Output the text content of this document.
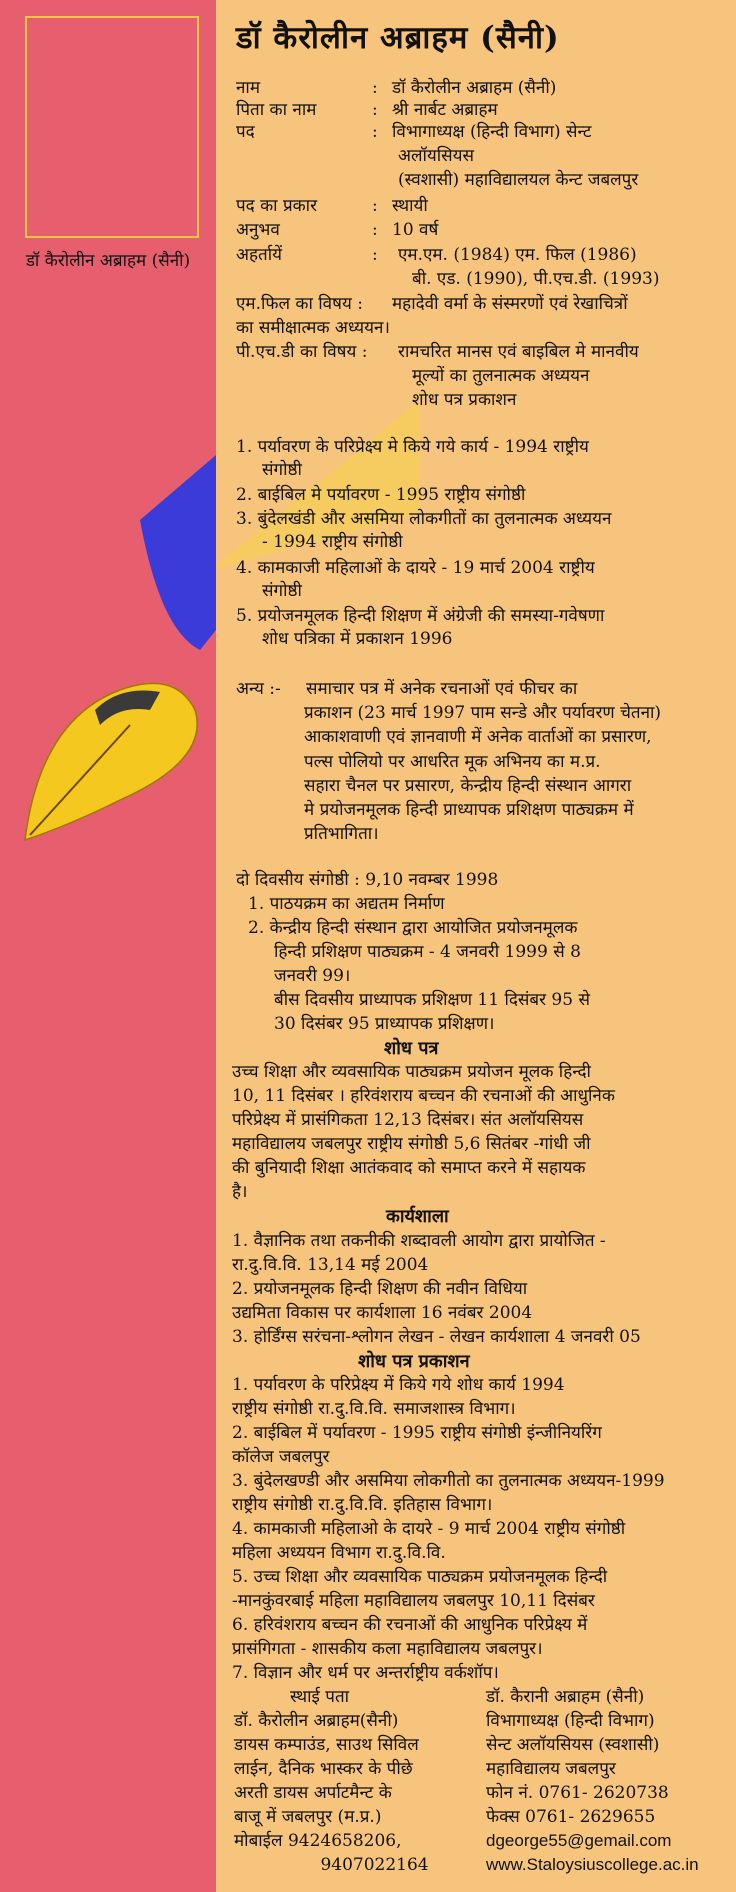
डॉ कैरोलीन अब्राहम (सैनी)
डॉ कैरोलीन अब्राहम (सैनी)
नाम	: डॉ कैरोलीन अब्राहम (सैनी)
पिता का नाम	: श्री नार्बट अब्राहम
पद	: विभागाध्यक्ष (हिन्दी विभाग) सेन्ट
अलॉयसियस
(स्वशासी) महाविद्यालयल केन्ट जबलपुर
पद का प्रकार	: स्थायी
अनुभव	: 10 वर्ष
अहर्तायें	: एम.एम. (1984) एम. फिल (1986)
बी. एड. (1990), पी.एच.डी. (1993)
एम.फिल का विषय : महादेवी वर्मा के संस्मरणों एवं रेखाचित्रों
का समीक्षात्मक अध्ययन।
पी.एच.डी का विषय : रामचरित मानस एवं बाइबिल मे मानवीय
मूल्यों का तुलनात्मक अध्ययन
शोध पत्र प्रकाशन
1. पर्यावरण के परिप्रेक्ष्य मे किये गये कार्य - 1994 राष्ट्रीय
संगोष्ठी
2. बाईबिल मे पर्यावरण - 1995 राष्ट्रीय संगोष्ठी
3. बुंदेलखंडी और असमिया लोकगीतों का तुलनात्मक अध्ययन
- 1994 राष्ट्रीय संगोष्ठी
4. कामकाजी महिलाओं के दायरे - 19 मार्च 2004 राष्ट्रीय
संगोष्ठी
5. प्रयोजनमूलक हिन्दी शिक्षण में अंग्रेजी की समस्या-गवेषणा
शोध पत्रिका में प्रकाशन 1996
अन्य :- समाचार पत्र में अनेक रचनाओं एवं फीचर का
प्रकाशन (23 मार्च 1997 पाम सन्डे और पर्यावरण चेतना)
आकाशवाणी एवं ज्ञानवाणी में अनेक वार्ताओं का प्रसारण,
पल्स पोलियो पर आधरित मूक अभिनय का म.प्र.
सहारा चैनल पर प्रसारण, केन्द्रीय हिन्दी संस्थान आगरा
मे प्रयोजनमूलक हिन्दी प्राध्यापक प्रशिक्षण पाठ्यक्रम में
प्रतिभागिता।
दो दिवसीय संगोष्ठी : 9,10 नवम्बर 1998
1. पाठयक्रम का अद्यतम निर्माण
2. केन्द्रीय हिन्दी संस्थान द्वारा आयोजित प्रयोजनमूलक
हिन्दी प्रशिक्षण पाठ्यक्रम - 4 जनवरी 1999 से 8
जनवरी 99।
बीस दिवसीय प्राध्यापक प्रशिक्षण 11 दिसंबर 95 से
30 दिसंबर 95 प्राध्यापक प्रशिक्षण।
शोध पत्र
उच्च शिक्षा और व्यवसायिक पाठ्यक्रम प्रयोजन मूलक हिन्दी
10, 11 दिसंबर । हरिवंशराय बच्चन की रचनाओं की आधुनिक
परिप्रेक्ष्य में प्रासंगिकता 12,13 दिसंबर। संत अलॉयसियस
महाविद्यालय जबलपुर राष्ट्रीय संगोष्ठी 5,6 सितंबर -गांधी जी
की बुनियादी शिक्षा आतंकवाद को समाप्त करने में सहायक
है।
कार्यशाला
1. वैज्ञानिक तथा तकनीकी शब्दावली आयोग द्वारा प्रायोजित -
रा.दु.वि.वि. 13,14 मई 2004
2. प्रयोजनमूलक हिन्दी शिक्षण की नवीन विधिया
उद्यमिता विकास पर कार्यशाला 16 नवंबर 2004
3. होर्डिंग्स सरंचना-श्लोगन लेखन - लेखन कार्यशाला 4 जनवरी 05
शोध पत्र प्रकाशन
1. पर्यावरण के परिप्रेक्ष्य में किये गये शोध कार्य 1994
राष्ट्रीय संगोष्ठी रा.दु.वि.वि. समाजशास्त्र विभाग।
2. बाईबिल में पर्यावरण - 1995 राष्ट्रीय संगोष्ठी इंन्जीनियरिंग
कॉलेज जबलपुर
3. बुंदेलखण्डी और असमिया लोकगीतो का तुलनात्मक अध्ययन-1999
राष्ट्रीय संगोष्ठी रा.दु.वि.वि. इतिहास विभाग।
4. कामकाजी महिलाओ के दायरे - 9 मार्च 2004 राष्ट्रीय संगोष्ठी
महिला अध्ययन विभाग रा.दु.वि.वि.
5. उच्च शिक्षा और व्यवसायिक पाठ्यक्रम प्रयोजनमूलक हिन्दी
-मानकुंवरबाई महिला महाविद्यालय जबलपुर 10,11 दिसंबर
6. हरिवंशराय बच्चन की रचनाओं की आधुनिक परिप्रेक्ष्य में
प्रासंगिगता - शासकीय कला महाविद्यालय जबलपुर।
7. विज्ञान और धर्म पर अन्तर्राष्ट्रीय वर्कशॉप।
स्थाई पता
डॉ. कैरोलीन अब्राहम(सैनी)
डायस कम्पाउंड, साउथ सिविल
लाईन, दैनिक भास्कर के पीछे
अरती डायस अर्पाटमैन्ट के
बाजू में जबलपुर (म.प्र.)
मोबाईल 9424658206,
9407022164
डॉ. कैरानी अब्राहम (सैनी)
विभागाध्यक्ष (हिन्दी विभाग)
सेन्ट अलॉयसियस (स्वशासी)
महाविद्यालय जबलपुर
फोन नं. 0761- 2620738
फेक्स 0761- 2629655
dgeorge55@gemail.com
www.Staloysiuscollege.ac.in
